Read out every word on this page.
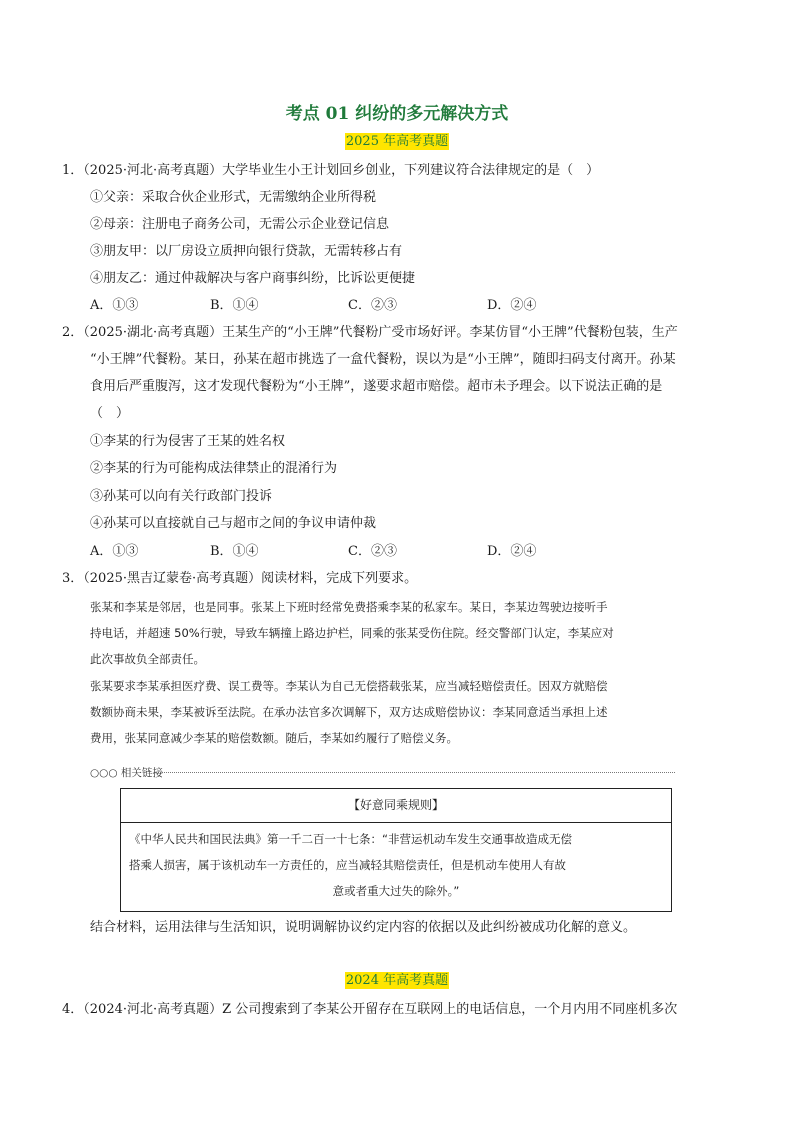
考点 01 纠纷的多元解决方式
2025 年高考真题
1．（2025·河北·高考真题）大学毕业生小王计划回乡创业，下列建议符合法律规定的是（　）
①父亲：采取合伙企业形式，无需缴纳企业所得税
②母亲：注册电子商务公司，无需公示企业登记信息
③朋友甲：以厂房设立质押向银行贷款，无需转移占有
④朋友乙：通过仲裁解决与客户商事纠纷，比诉讼更便捷
A．①③	B．①④	C．②③	D．②④
2．（2025·湖北·高考真题）王某生产的“小王牌”代餐粉广受市场好评。李某仿冒“小王牌”代餐粉包装，生产
“小王牌”代餐粉。某日，孙某在超市挑选了一盒代餐粉，误以为是“小王牌”，随即扫码支付离开。孙某
食用后严重腹泻，这才发现代餐粉为“小王牌”，遂要求超市赔偿。超市未予理会。以下说法正确的是
（　）
①李某的行为侵害了王某的姓名权
②李某的行为可能构成法律禁止的混淆行为
③孙某可以向有关行政部门投诉
④孙某可以直接就自己与超市之间的争议申请仲裁
A．①③	B．①④	C．②③	D．②④
3．（2025·黑吉辽蒙卷·高考真题）阅读材料，完成下列要求。
张某和李某是邻居，也是同事。张某上下班时经常免费搭乘李某的私家车。某日，李某边驾驶边接听手
持电话，并超速 50%行驶，导致车辆撞上路边护栏，同乘的张某受伤住院。经交警部门认定，李某应对
此次事故负全部责任。
张某要求李某承担医疗费、误工费等。李某认为自己无偿搭载张某，应当减轻赔偿责任。因双方就赔偿
数额协商未果，李某被诉至法院。在承办法官多次调解下，双方达成赔偿协议：李某同意适当承担上述
费用，张某同意减少李某的赔偿数额。随后，李某如约履行了赔偿义务。
○○○ 相关链接
【好意同乘规则】
《中华人民共和国民法典》第一千二百一十七条：“非营运机动车发生交通事故造成无偿
搭乘人损害，属于该机动车一方责任的，应当减轻其赔偿责任，但是机动车使用人有故
意或者重大过失的除外。”
结合材料，运用法律与生活知识，说明调解协议约定内容的依据以及此纠纷被成功化解的意义。
2024 年高考真题
4．（2024·河北·高考真题）Z 公司搜索到了李某公开留存在互联网上的电话信息，一个月内用不同座机多次
